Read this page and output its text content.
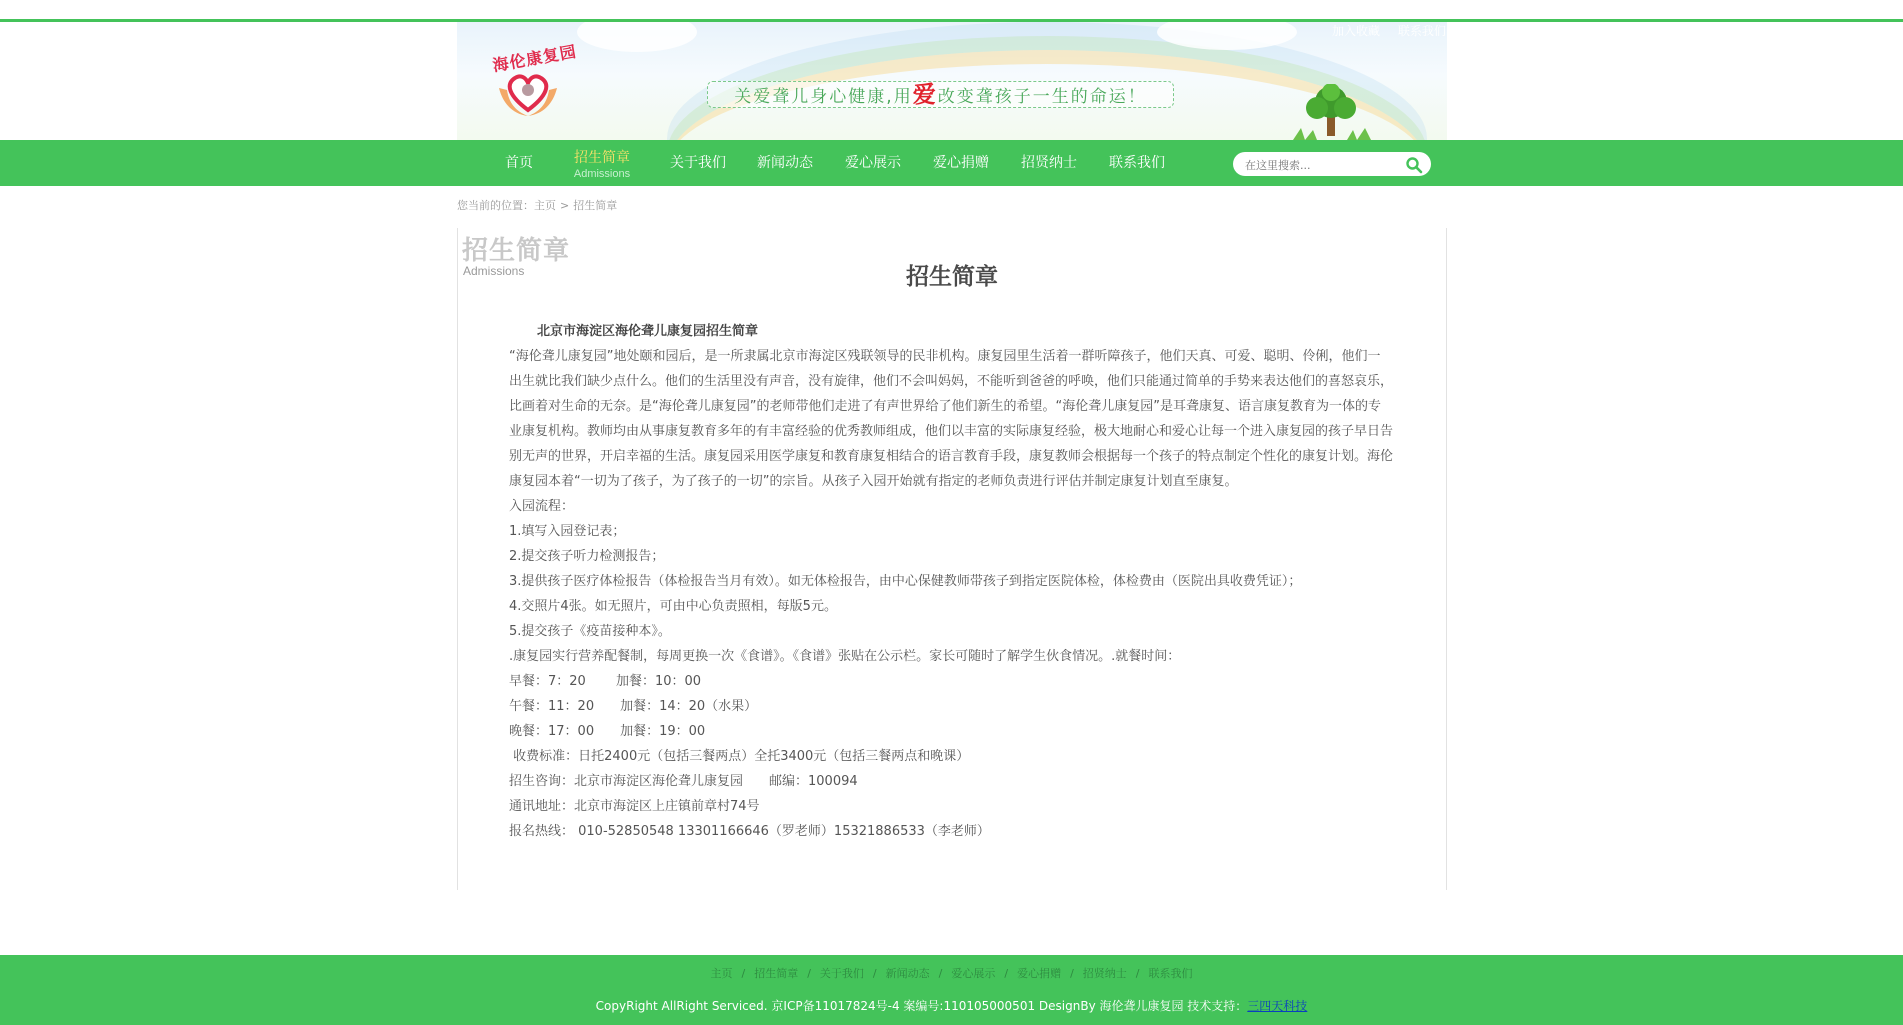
加入收藏 联系我们
海伦康复园
关爱聋儿身心健康,用爱改变聋孩子一生的命运！
首页	招生简章
Admissions
关于我们 新闻动态 爱心展示 爱心捐赠 招贤纳士 联系我们
在这里搜索...
您当前的位置：主页 > 招生简章
招生简章
Admissions	招生简章

北京市海淀区海伦聋儿康复园招生简章

“海伦聋儿康复园”地处颐和园后，是一所隶属北京市海淀区残联领导的民非机构。康复园里生活着一群听障孩子，他们天真、可爱、聪明、伶俐，他们一出生就比我们缺少点什么。他们的生活里没有声音，没有旋律，他们不会叫妈妈，不能听到爸爸的呼唤，他们只能通过简单的手势来表达他们的喜怒哀乐，比画着对生命的无奈。是“海伦聋儿康复园”的老师带他们走进了有声世界给了他们新生的希望。“海伦聋儿康复园”是耳聋康复、语言康复教育为一体的专业康复机构。教师均由从事康复教育多年的有丰富经验的优秀教师组成，他们以丰富的实际康复经验，极大地耐心和爱心让每一个进入康复园的孩子早日告别无声的世界，开启幸福的生活。康复园采用医学康复和教育康复相结合的语言教育手段，康复教师会根据每一个孩子的特点制定个性化的康复计划。海伦康复园本着“一切为了孩子，为了孩子的一切”的宗旨。从孩子入园开始就有指定的老师负责进行评估并制定康复计划直至康复。

入园流程：

1.填写入园登记表；

2.提交孩子听力检测报告；

3.提供孩子医疗体检报告（体检报告当月有效）。如无体检报告，由中心保健教师带孩子到指定医院体检，体检费由（医院出具收费凭证）；

4.交照片4张。如无照片，可由中心负责照相，每版5元。

5.提交孩子《疫苗接种本》。

.康复园实行营养配餐制，每周更换一次《食谱》。《食谱》张贴在公示栏。家长可随时了解学生伙食情况。.就餐时间：

早餐：7：20　　 加餐：10：00

午餐：11：20　　加餐：14：20（水果）

晚餐：17：00　　加餐：19：00

收费标准：日托2400元（包括三餐两点）全托3400元（包括三餐两点和晚课）

招生咨询：北京市海淀区海伦聋儿康复园　　邮编：100094

通讯地址：北京市海淀区上庄镇前章村74号

报名热线： 010-52850548 13301166646（罗老师）15321886533（李老师）

主页 / 招生简章 / 关于我们 / 新闻动态 / 爱心展示 / 爱心捐赠 / 招贤纳士 / 联系我们
CopyRight AllRight Serviced. 京ICP备11017824号-4 案编号:110105000501 DesignBy 海伦聋儿康复园 技术支持：三四天科技
